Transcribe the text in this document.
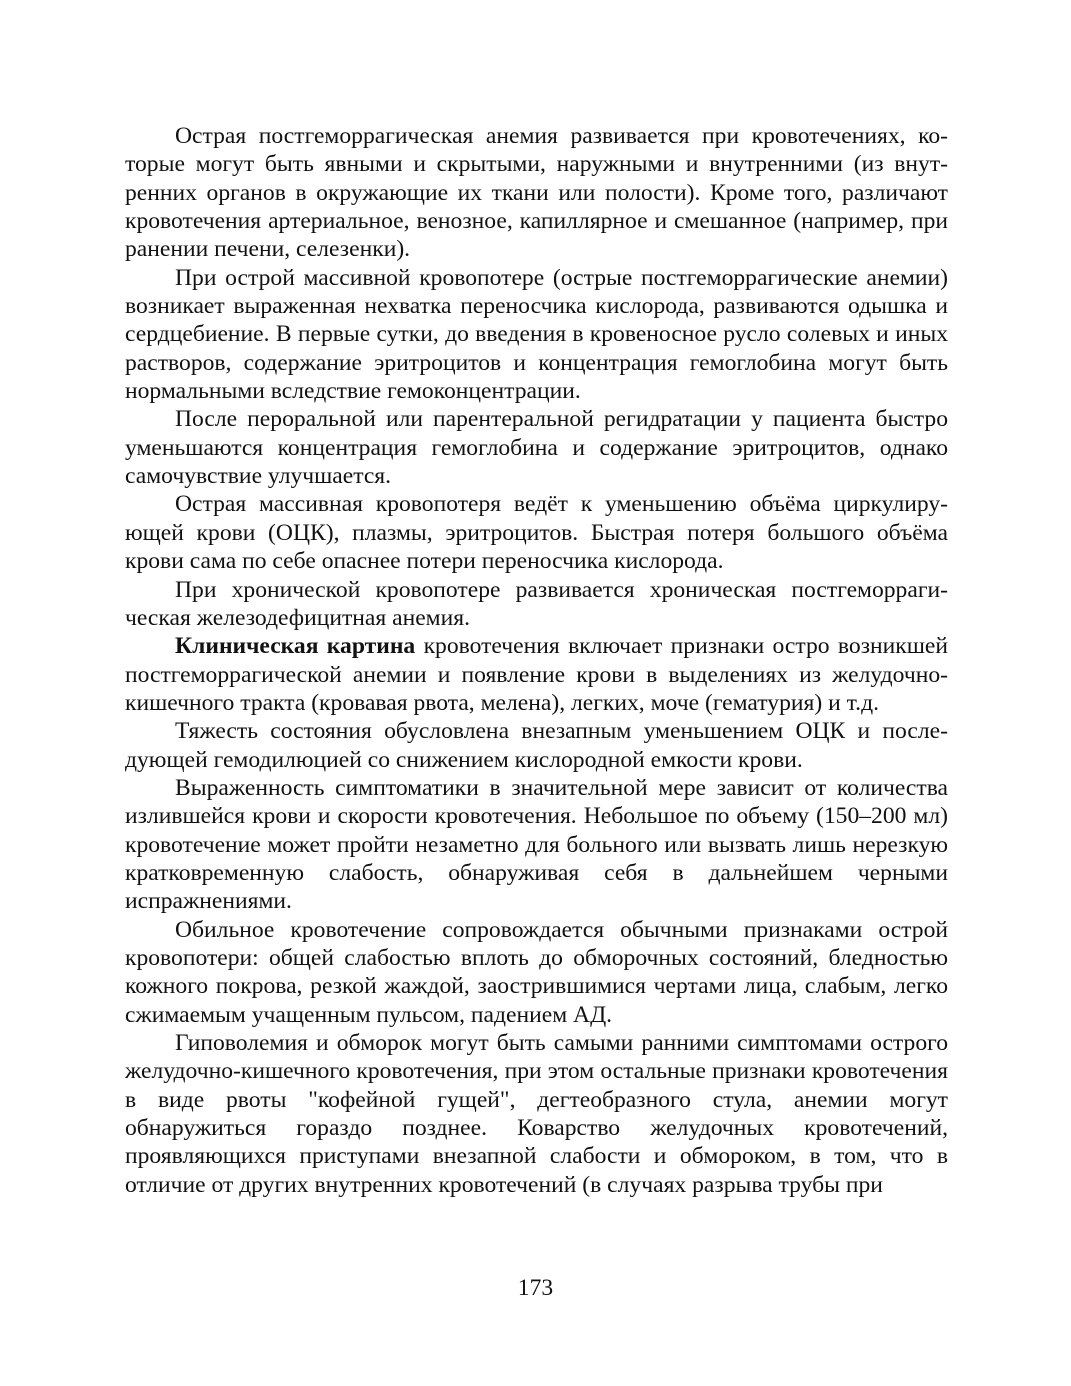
Острая постгеморрагическая анемия развивается при кровотечениях, которые могут быть явными и скрытыми, наружными и внутренними (из внутренних органов в окружающие их ткани или полости). Кроме того, различают кровотечения артериальное, венозное, капиллярное и смешанное (например, при ранении печени, селезенки).

При острой массивной кровопотере (острые постгеморрагические анемии) возникает выраженная нехватка переносчика кислорода, развиваются одышка и сердцебиение. В первые сутки, до введения в кровеносное русло солевых и иных растворов, содержание эритроцитов и концентрация гемоглобина могут быть нормальными вследствие гемоконцентрации.

После пероральной или парентеральной регидратации у пациента быстро уменьшаются концентрация гемоглобина и содержание эритроцитов, однако самочувствие улучшается.

Острая массивная кровопотеря ведёт к уменьшению объёма циркулирующей крови (ОЦК), плазмы, эритроцитов. Быстрая потеря большого объёма крови сама по себе опаснее потери переносчика кислорода.

При хронической кровопотере развивается хроническая постгеморрагическая железодефицитная анемия.

Клиническая картина кровотечения включает признаки остро возникшей постгеморрагической анемии и появление крови в выделениях из желудочно-кишечного тракта (кровавая рвота, мелена), легких, моче (гематурия) и т.д.

Тяжесть состояния обусловлена внезапным уменьшением ОЦК и последующей гемодилюцией со снижением кислородной емкости крови.

Выраженность симптоматики в значительной мере зависит от количества излившейся крови и скорости кровотечения. Небольшое по объему (150–200 мл) кровотечение может пройти незаметно для больного или вызвать лишь нерезкую кратковременную слабость, обнаруживая себя в дальнейшем черными испражнениями.

Обильное кровотечение сопровождается обычными признаками острой кровопотери: общей слабостью вплоть до обморочных состояний, бледностью кожного покрова, резкой жаждой, заострившимися чертами лица, слабым, легко сжимаемым учащенным пульсом, падением АД.

Гиповолемия и обморок могут быть самыми ранними симптомами острого желудочно-кишечного кровотечения, при этом остальные признаки кровотечения в виде рвоты "кофейной гущей", дегтеобразного стула, анемии могут обнаружиться гораздо позднее. Коварство желудочных кровотечений, проявляющихся приступами внезапной слабости и обмороком, в том, что в отличие от других внутренних кровотечений (в случаях разрыва трубы при

173
